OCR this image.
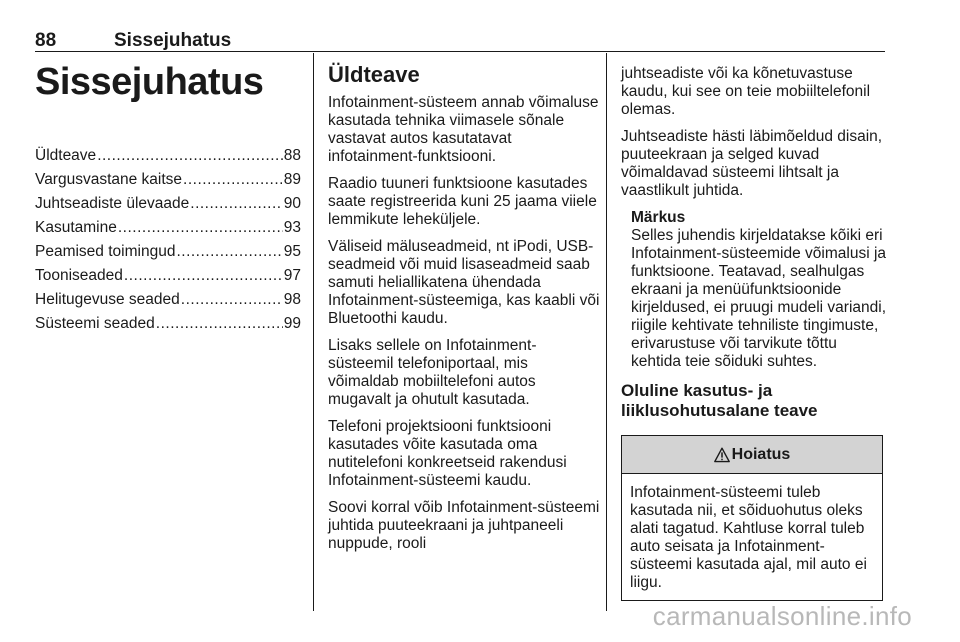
88	Sissejuhatus
Sissejuhatus
Üldteave .....	88
Vargusvastane kaitse .....	89
Juhtseadiste ülevaade .....	90
Kasutamine .....	93
Peamised toimingud .....	95
Tooniseaded .....	97
Helitugevuse seaded .....	98
Süsteemi seaded .....	99
Üldteave

Infotainment-süsteem annab võimaluse kasutada tehnika viimasele sõnale vastavat autos kasutatavat infotainment-funktsiooni.

Raadio tuuneri funktsioone kasutades saate registreerida kuni 25 jaama viiele lemmikute leheküljele.

Väliseid mäluseadmeid, nt iPodi, USB-seadmeid või muid lisaseadmeid saab samuti heliallikatena ühendada Infotainment-süsteemiga, kas kaabli või Bluetoothi kaudu.

Lisaks sellele on Infotainment-süsteemil telefoniportaal, mis võimaldab mobiiltelefoni autos mugavalt ja ohutult kasutada.

Telefoni projektsiooni funktsiooni kasutades võite kasutada oma nutitelefoni konkreetseid rakendusi Infotainment-süsteemi kaudu.

Soovi korral võib Infotainment-süsteemi juhtida puuteekraani ja juhtpaneeli nuppude, rooli

juhtseadiste või ka kõnetuvastuse kaudu, kui see on teie mobiiltelefonil olemas.

Juhtseadiste hästi läbimõeldud disain, puuteekraan ja selged kuvad võimaldavad süsteemi lihtsalt ja vaastlikult juhtida.

Märkus

Selles juhendis kirjeldatakse kõiki eri Infotainment-süsteemide võimalusi ja funktsioone. Teatavad, sealhulgas ekraani ja menüüfunktsioonide kirjeldused, ei pruugi mudeli variandi, riigile kehtivate tehniliste tingimuste, erivarustuse või tarvikute tõttu kehtida teie sõiduki suhtes.

Oluline kasutus- ja liiklusohutusalane teave
Hoiatus
Infotainment-süsteemi tuleb kasutada nii, et sõiduohutus oleks alati tagatud. Kahtluse korral tuleb auto seisata ja Infotainment-süsteemi kasutada ajal, mil auto ei liigu.
carmanualsonline.info
